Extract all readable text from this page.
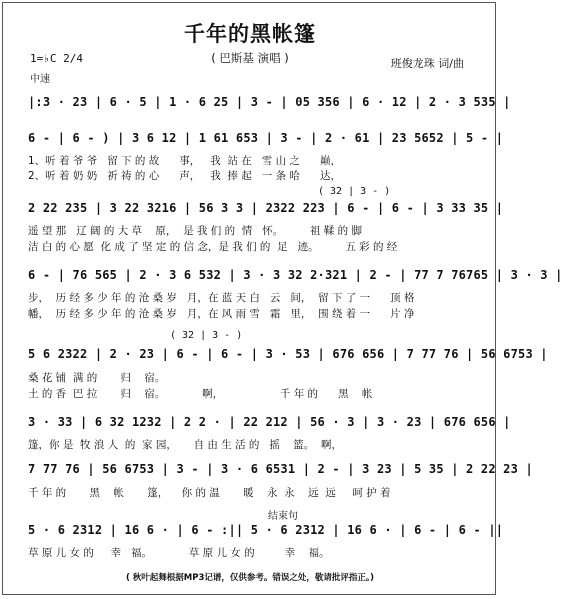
千年的黑帐篷
( 巴斯基 演唱 )
1=♭C 2/4
中速
班俊龙珠 词/曲
|:3 · 23 | 6 · 5 | 1 · 6 25 | 3 - | 05 356 | 6 · 12 | 2 · 3 535 |
6 - | 6 - ) | 3 6 12 | 1 61 653 | 3 - | 2 · 61 | 23 5652 | 5 - |
1、听 着 爷 爷   留 下 的 故      事，   我  站 在   雪 山 之      巅，
2、听 着 奶 奶   祈 祷 的 心      声，   我  捧 起   一 条 哈      达，
( 32 | 3 - )
2 22 235 | 3 22 3216 | 56 3 3 | 2322 223 | 6 - | 6 - | 3 33 35 |
遥 望 那   辽 阔 的 大 草    原，  是 我 们 的  情   怀。        祖 鞣 的 脚
洁 白 的 心 愿  化 成 了 坚 定 的 信 念，是 我 们 的  足   迹。        五 彩 的 经
6 - | 76 565 | 2 · 3 6 532 | 3 · 3 32 2·321 | 2 - | 77 7 76765 | 3 · 3 |
步，  历 经 多 少 年 的 沧 桑 岁   月，在 蓝 天 白   云   间，  留 下 了 一      顶 格
幡，  历 经 多 少 年 的 沧 桑 岁   月，在 风 雨 雪   霜   里，  围 绕 着 一      片 净
( 32 | 3 - )
5 6 2322 | 2 · 23 | 6 - | 6 - | 3 · 53 | 676 656 | 7 77 76 | 56 6753 |
桑 花 铺  满 的       归    宿。
土 的 香  巴 拉       归    宿。           啊，                 千 年 的      黑    帐
3 · 33 | 6 32 1232 | 2 2 · | 22 212 | 56 · 3 | 3 · 23 | 676 656 |
篷，你 是  牧 浪 人  的  家 园，     自 由 生 活 的   摇    篮。  啊，
7 77 76 | 56 6753 | 3 - | 3 · 6 6531 | 2 - | 3 23 | 5 35 | 2 22 23 |
千 年 的       黑    帐       篷，    你 的 温       暖    永  永    远  远     呵 护 着
结束句
5 · 6 2312 | 16 6 · | 6 - :|| 5 · 6 2312 | 16 6 · | 6 - | 6 - ||
草 原 儿 女 的     幸   福。           草 原 儿 女 的         幸    福。
( 秋叶起舞根据MP3记谱，仅供参考。错误之处，敬请批评指正。)
